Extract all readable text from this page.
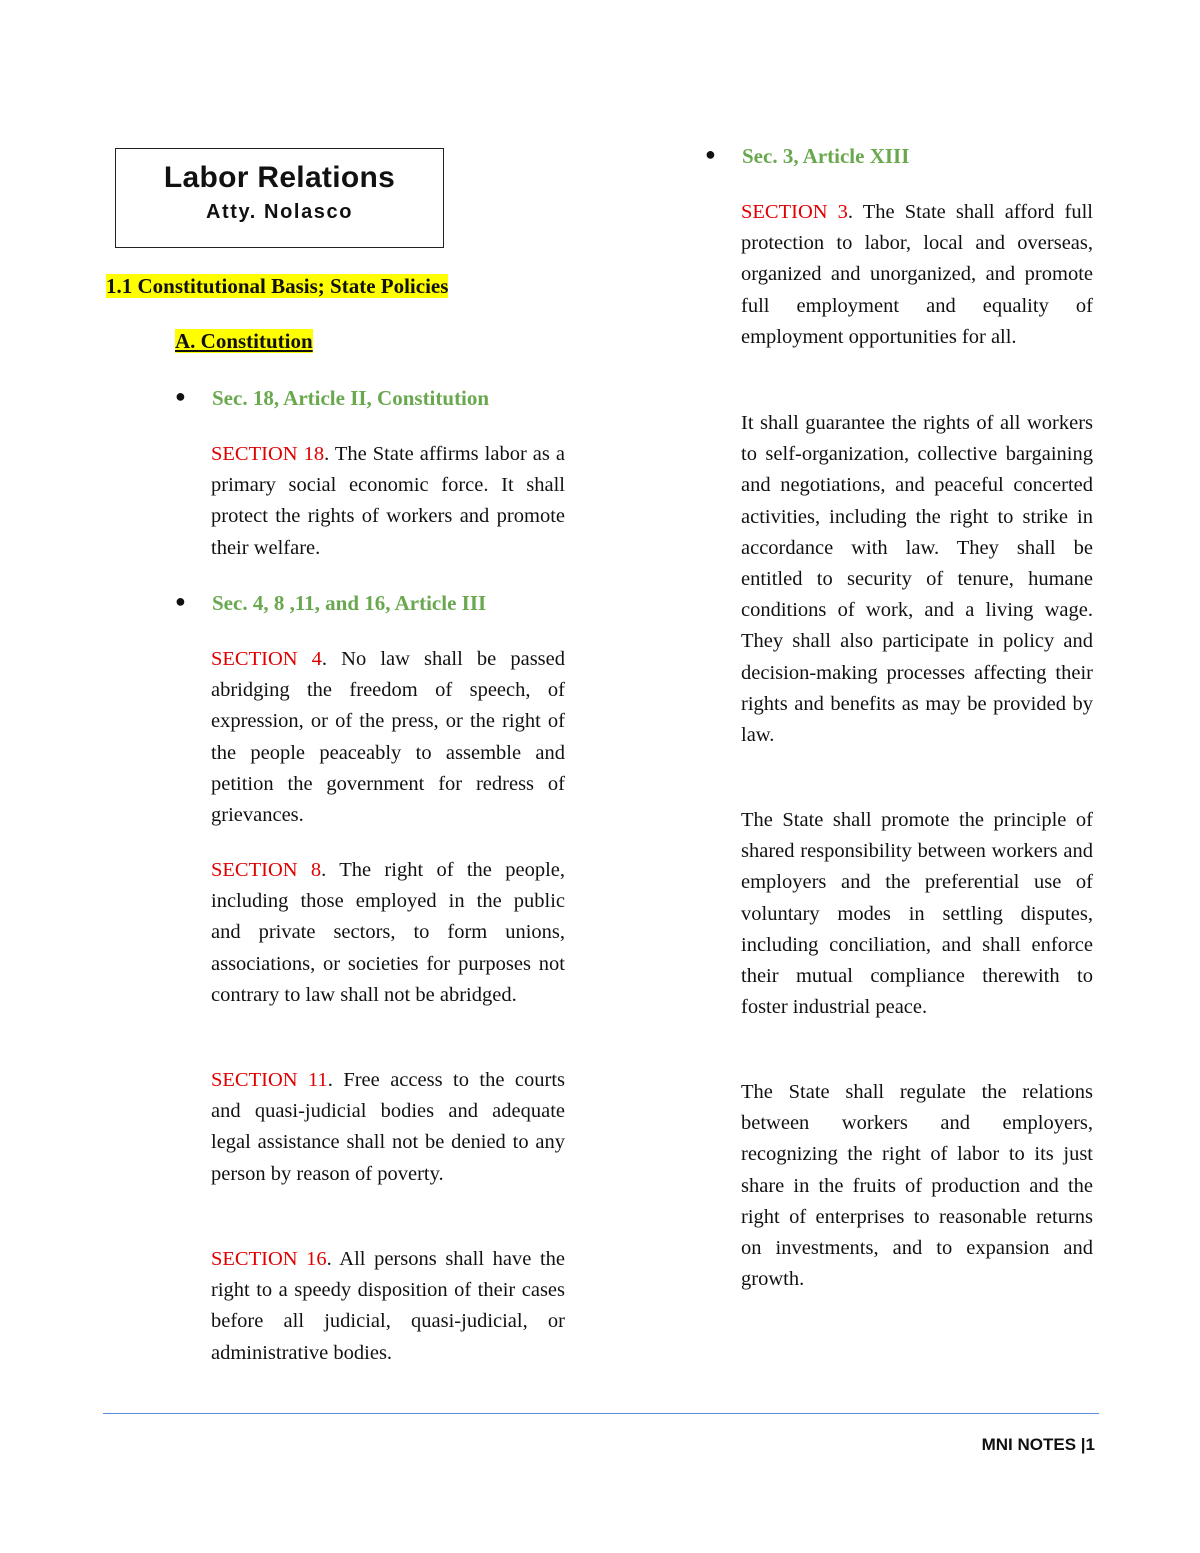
Labor Relations
Atty. Nolasco
1.1 Constitutional Basis; State Policies
A. Constitution
● Sec. 18, Article II, Constitution

SECTION 18. The State affirms labor as a primary social economic force. It shall protect the rights of workers and promote their welfare.

● Sec. 4, 8 ,11, and 16, Article III

SECTION 4. No law shall be passed abridging the freedom of speech, of expression, or of the press, or the right of the people peaceably to assemble and petition the government for redress of grievances.

SECTION 8. The right of the people, including those employed in the public and private sectors, to form unions, associations, or societies for purposes not contrary to law shall not be abridged.

SECTION 11. Free access to the courts and quasi-judicial bodies and adequate legal assistance shall not be denied to any person by reason of poverty.

SECTION 16. All persons shall have the right to a speedy disposition of their cases before all judicial, quasi-judicial, or administrative bodies.

● Sec. 3, Article XIII

SECTION 3. The State shall afford full protection to labor, local and overseas, organized and unorganized, and promote full employment and equality of employment opportunities for all.

It shall guarantee the rights of all workers to self-organization, collective bargaining and negotiations, and peaceful concerted activities, including the right to strike in accordance with law. They shall be entitled to security of tenure, humane conditions of work, and a living wage. They shall also participate in policy and decision-making processes affecting their rights and benefits as may be provided by law.

The State shall promote the principle of shared responsibility between workers and employers and the preferential use of voluntary modes in settling disputes, including conciliation, and shall enforce their mutual compliance therewith to foster industrial peace.

The State shall regulate the relations between workers and employers, recognizing the right of labor to its just share in the fruits of production and the right of enterprises to reasonable returns on investments, and to expansion and growth.

MNI NOTES |1
